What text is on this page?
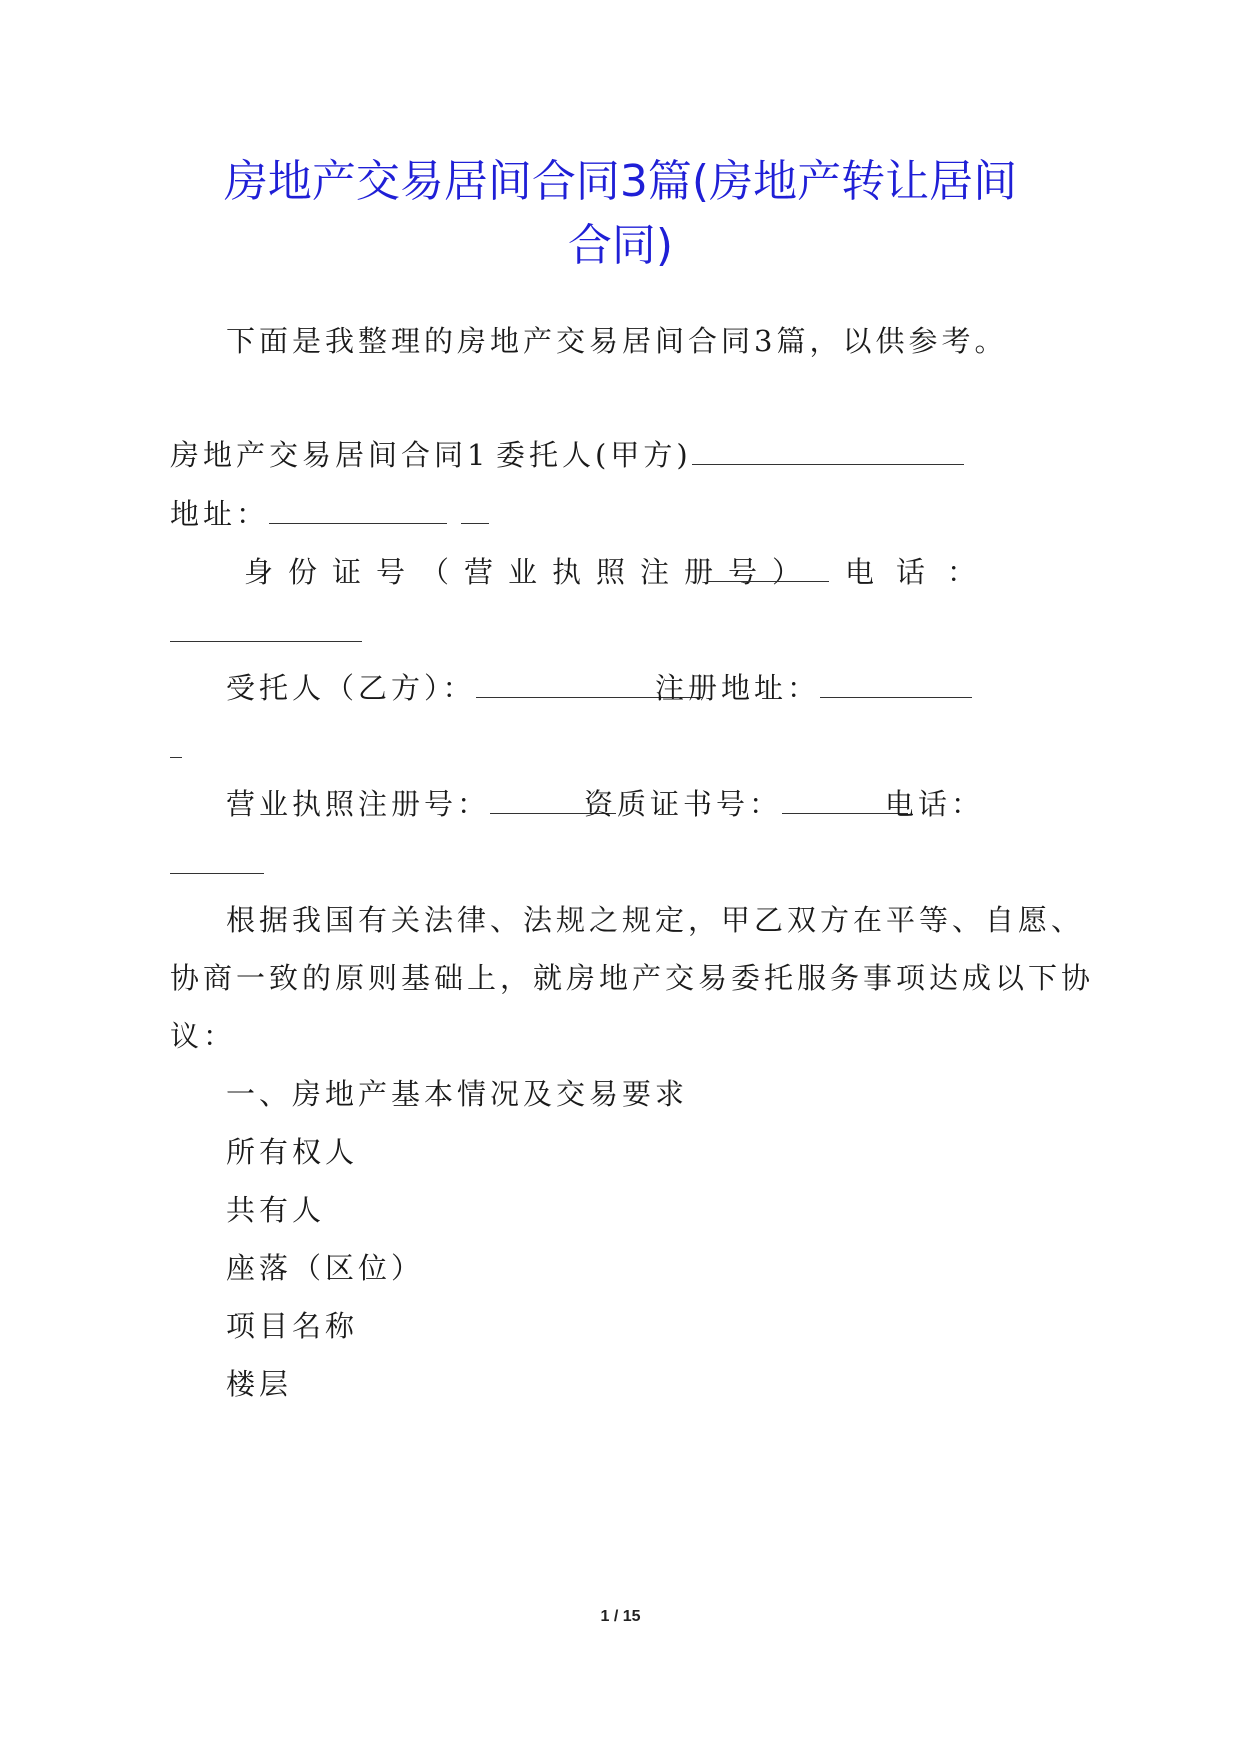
房地产交易居间合同3篇(房地产转让居间
合同)
下面是我整理的房地产交易居间合同3篇，以供参考。
房地产交易居间合同1 委托人(甲方)
地址：
身份证号（营业执照注册号） 电话：
受托人（乙方）：	注册地址：
营业执照注册号：	资质证书号：	电话：
根据我国有关法律、法规之规定，甲乙双方在平等、自愿、
协商一致的原则基础上，就房地产交易委托服务事项达成以下协
议：
一、房地产基本情况及交易要求
所有权人
共有人
座落（区位）
项目名称
楼层
1 / 15
